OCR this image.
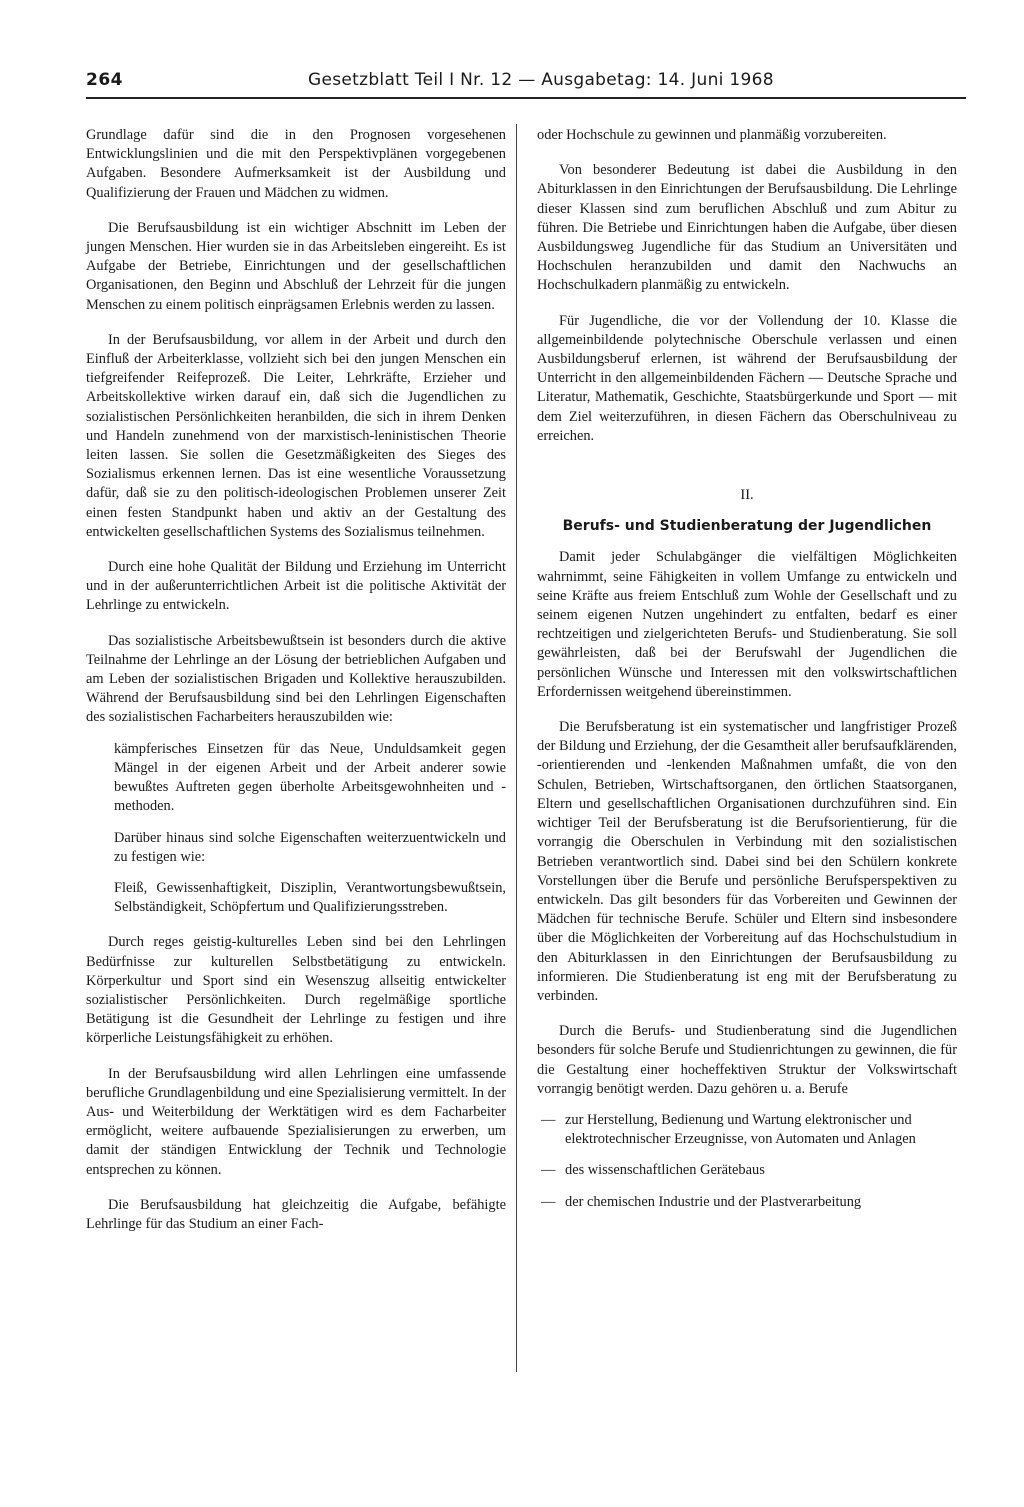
264	Gesetzblatt Teil I Nr. 12 — Ausgabetag: 14. Juni 1968

Grundlage dafür sind die in den Prognosen vorgesehenen Entwicklungslinien und die mit den Perspektivplänen vorgegebenen Aufgaben. Besondere Aufmerksamkeit ist der Ausbildung und Qualifizierung der Frauen und Mädchen zu widmen.

Die Berufsausbildung ist ein wichtiger Abschnitt im Leben der jungen Menschen. Hier wurden sie in das Arbeitsleben eingereiht. Es ist Aufgabe der Betriebe, Einrichtungen und der gesellschaftlichen Organisationen, den Beginn und Abschluß der Lehrzeit für die jungen Menschen zu einem politisch einprägsamen Erlebnis werden zu lassen.

In der Berufsausbildung, vor allem in der Arbeit und durch den Einfluß der Arbeiterklasse, vollzieht sich bei den jungen Menschen ein tiefgreifender Reifeprozeß. Die Leiter, Lehrkräfte, Erzieher und Arbeitskollektive wirken darauf ein, daß sich die Jugendlichen zu sozialistischen Persönlichkeiten heranbilden, die sich in ihrem Denken und Handeln zunehmend von der marxistisch-leninistischen Theorie leiten lassen. Sie sollen die Gesetzmäßigkeiten des Sieges des Sozialismus erkennen lernen. Das ist eine wesentliche Voraussetzung dafür, daß sie zu den politisch-ideologischen Problemen unserer Zeit einen festen Standpunkt haben und aktiv an der Gestaltung des entwickelten gesellschaftlichen Systems des Sozialismus teilnehmen.

Durch eine hohe Qualität der Bildung und Erziehung im Unterricht und in der außerunterrichtlichen Arbeit ist die politische Aktivität der Lehrlinge zu entwickeln.

Das sozialistische Arbeitsbewußtsein ist besonders durch die aktive Teilnahme der Lehrlinge an der Lösung der betrieblichen Aufgaben und am Leben der sozialistischen Brigaden und Kollektive herauszubilden. Während der Berufsausbildung sind bei den Lehrlingen Eigenschaften des sozialistischen Facharbeiters herauszubilden wie:

kämpferisches Einsetzen für das Neue, Unduldsamkeit gegen Mängel in der eigenen Arbeit und der Arbeit anderer sowie bewußtes Auftreten gegen überholte Arbeitsgewohnheiten und -methoden.

Darüber hinaus sind solche Eigenschaften weiterzuentwickeln und zu festigen wie:

Fleiß, Gewissenhaftigkeit, Disziplin, Verantwortungsbewußtsein, Selbständigkeit, Schöpfertum und Qualifizierungsstreben.

Durch reges geistig-kulturelles Leben sind bei den Lehrlingen Bedürfnisse zur kulturellen Selbstbetätigung zu entwickeln. Körperkultur und Sport sind ein Wesenszug allseitig entwickelter sozialistischer Persönlichkeiten. Durch regelmäßige sportliche Betätigung ist die Gesundheit der Lehrlinge zu festigen und ihre körperliche Leistungsfähigkeit zu erhöhen.

In der Berufsausbildung wird allen Lehrlingen eine umfassende berufliche Grundlagenbildung und eine Spezialisierung vermittelt. In der Aus- und Weiterbildung der Werktätigen wird es dem Facharbeiter ermöglicht, weitere aufbauende Spezialisierungen zu erwerben, um damit der ständigen Entwicklung der Technik und Technologie entsprechen zu können.

Die Berufsausbildung hat gleichzeitig die Aufgabe, befähigte Lehrlinge für das Studium an einer Fach-

oder Hochschule zu gewinnen und planmäßig vorzubereiten.

Von besonderer Bedeutung ist dabei die Ausbildung in den Abiturklassen in den Einrichtungen der Berufsausbildung. Die Lehrlinge dieser Klassen sind zum beruflichen Abschluß und zum Abitur zu führen. Die Betriebe und Einrichtungen haben die Aufgabe, über diesen Ausbildungsweg Jugendliche für das Studium an Universitäten und Hochschulen heranzubilden und damit den Nachwuchs an Hochschulkadern planmäßig zu entwickeln.

Für Jugendliche, die vor der Vollendung der 10. Klasse die allgemeinbildende polytechnische Oberschule verlassen und einen Ausbildungsberuf erlernen, ist während der Berufsausbildung der Unterricht in den allgemeinbildenden Fächern — Deutsche Sprache und Literatur, Mathematik, Geschichte, Staatsbürgerkunde und Sport — mit dem Ziel weiterzuführen, in diesen Fächern das Oberschulniveau zu erreichen.

II.
Berufs- und Studienberatung der Jugendlichen

Damit jeder Schulabgänger die vielfältigen Möglichkeiten wahrnimmt, seine Fähigkeiten in vollem Umfange zu entwickeln und seine Kräfte aus freiem Entschluß zum Wohle der Gesellschaft und zu seinem eigenen Nutzen ungehindert zu entfalten, bedarf es einer rechtzeitigen und zielgerichteten Berufs- und Studienberatung. Sie soll gewährleisten, daß bei der Berufswahl der Jugendlichen die persönlichen Wünsche und Interessen mit den volkswirtschaftlichen Erfordernissen weitgehend übereinstimmen.

Die Berufsberatung ist ein systematischer und langfristiger Prozeß der Bildung und Erziehung, der die Gesamtheit aller berufsaufklärenden, -orientierenden und -lenkenden Maßnahmen umfaßt, die von den Schulen, Betrieben, Wirtschaftsorganen, den örtlichen Staatsorganen, Eltern und gesellschaftlichen Organisationen durchzuführen sind. Ein wichtiger Teil der Berufsberatung ist die Berufsorientierung, für die vorrangig die Oberschulen in Verbindung mit den sozialistischen Betrieben verantwortlich sind. Dabei sind bei den Schülern konkrete Vorstellungen über die Berufe und persönliche Berufsperspektiven zu entwickeln. Das gilt besonders für das Vorbereiten und Gewinnen der Mädchen für technische Berufe. Schüler und Eltern sind insbesondere über die Möglichkeiten der Vorbereitung auf das Hochschulstudium in den Abiturklassen in den Einrichtungen der Berufsausbildung zu informieren. Die Studienberatung ist eng mit der Berufsberatung zu verbinden.

Durch die Berufs- und Studienberatung sind die Jugendlichen besonders für solche Berufe und Studienrichtungen zu gewinnen, die für die Gestaltung einer hocheffektiven Struktur der Volkswirtschaft vorrangig benötigt werden. Dazu gehören u. a. Berufe

— zur Herstellung, Bedienung und Wartung elektronischer und elektrotechnischer Erzeugnisse, von Automaten und Anlagen
— des wissenschaftlichen Gerätebaus
— der chemischen Industrie und der Plastverarbeitung
